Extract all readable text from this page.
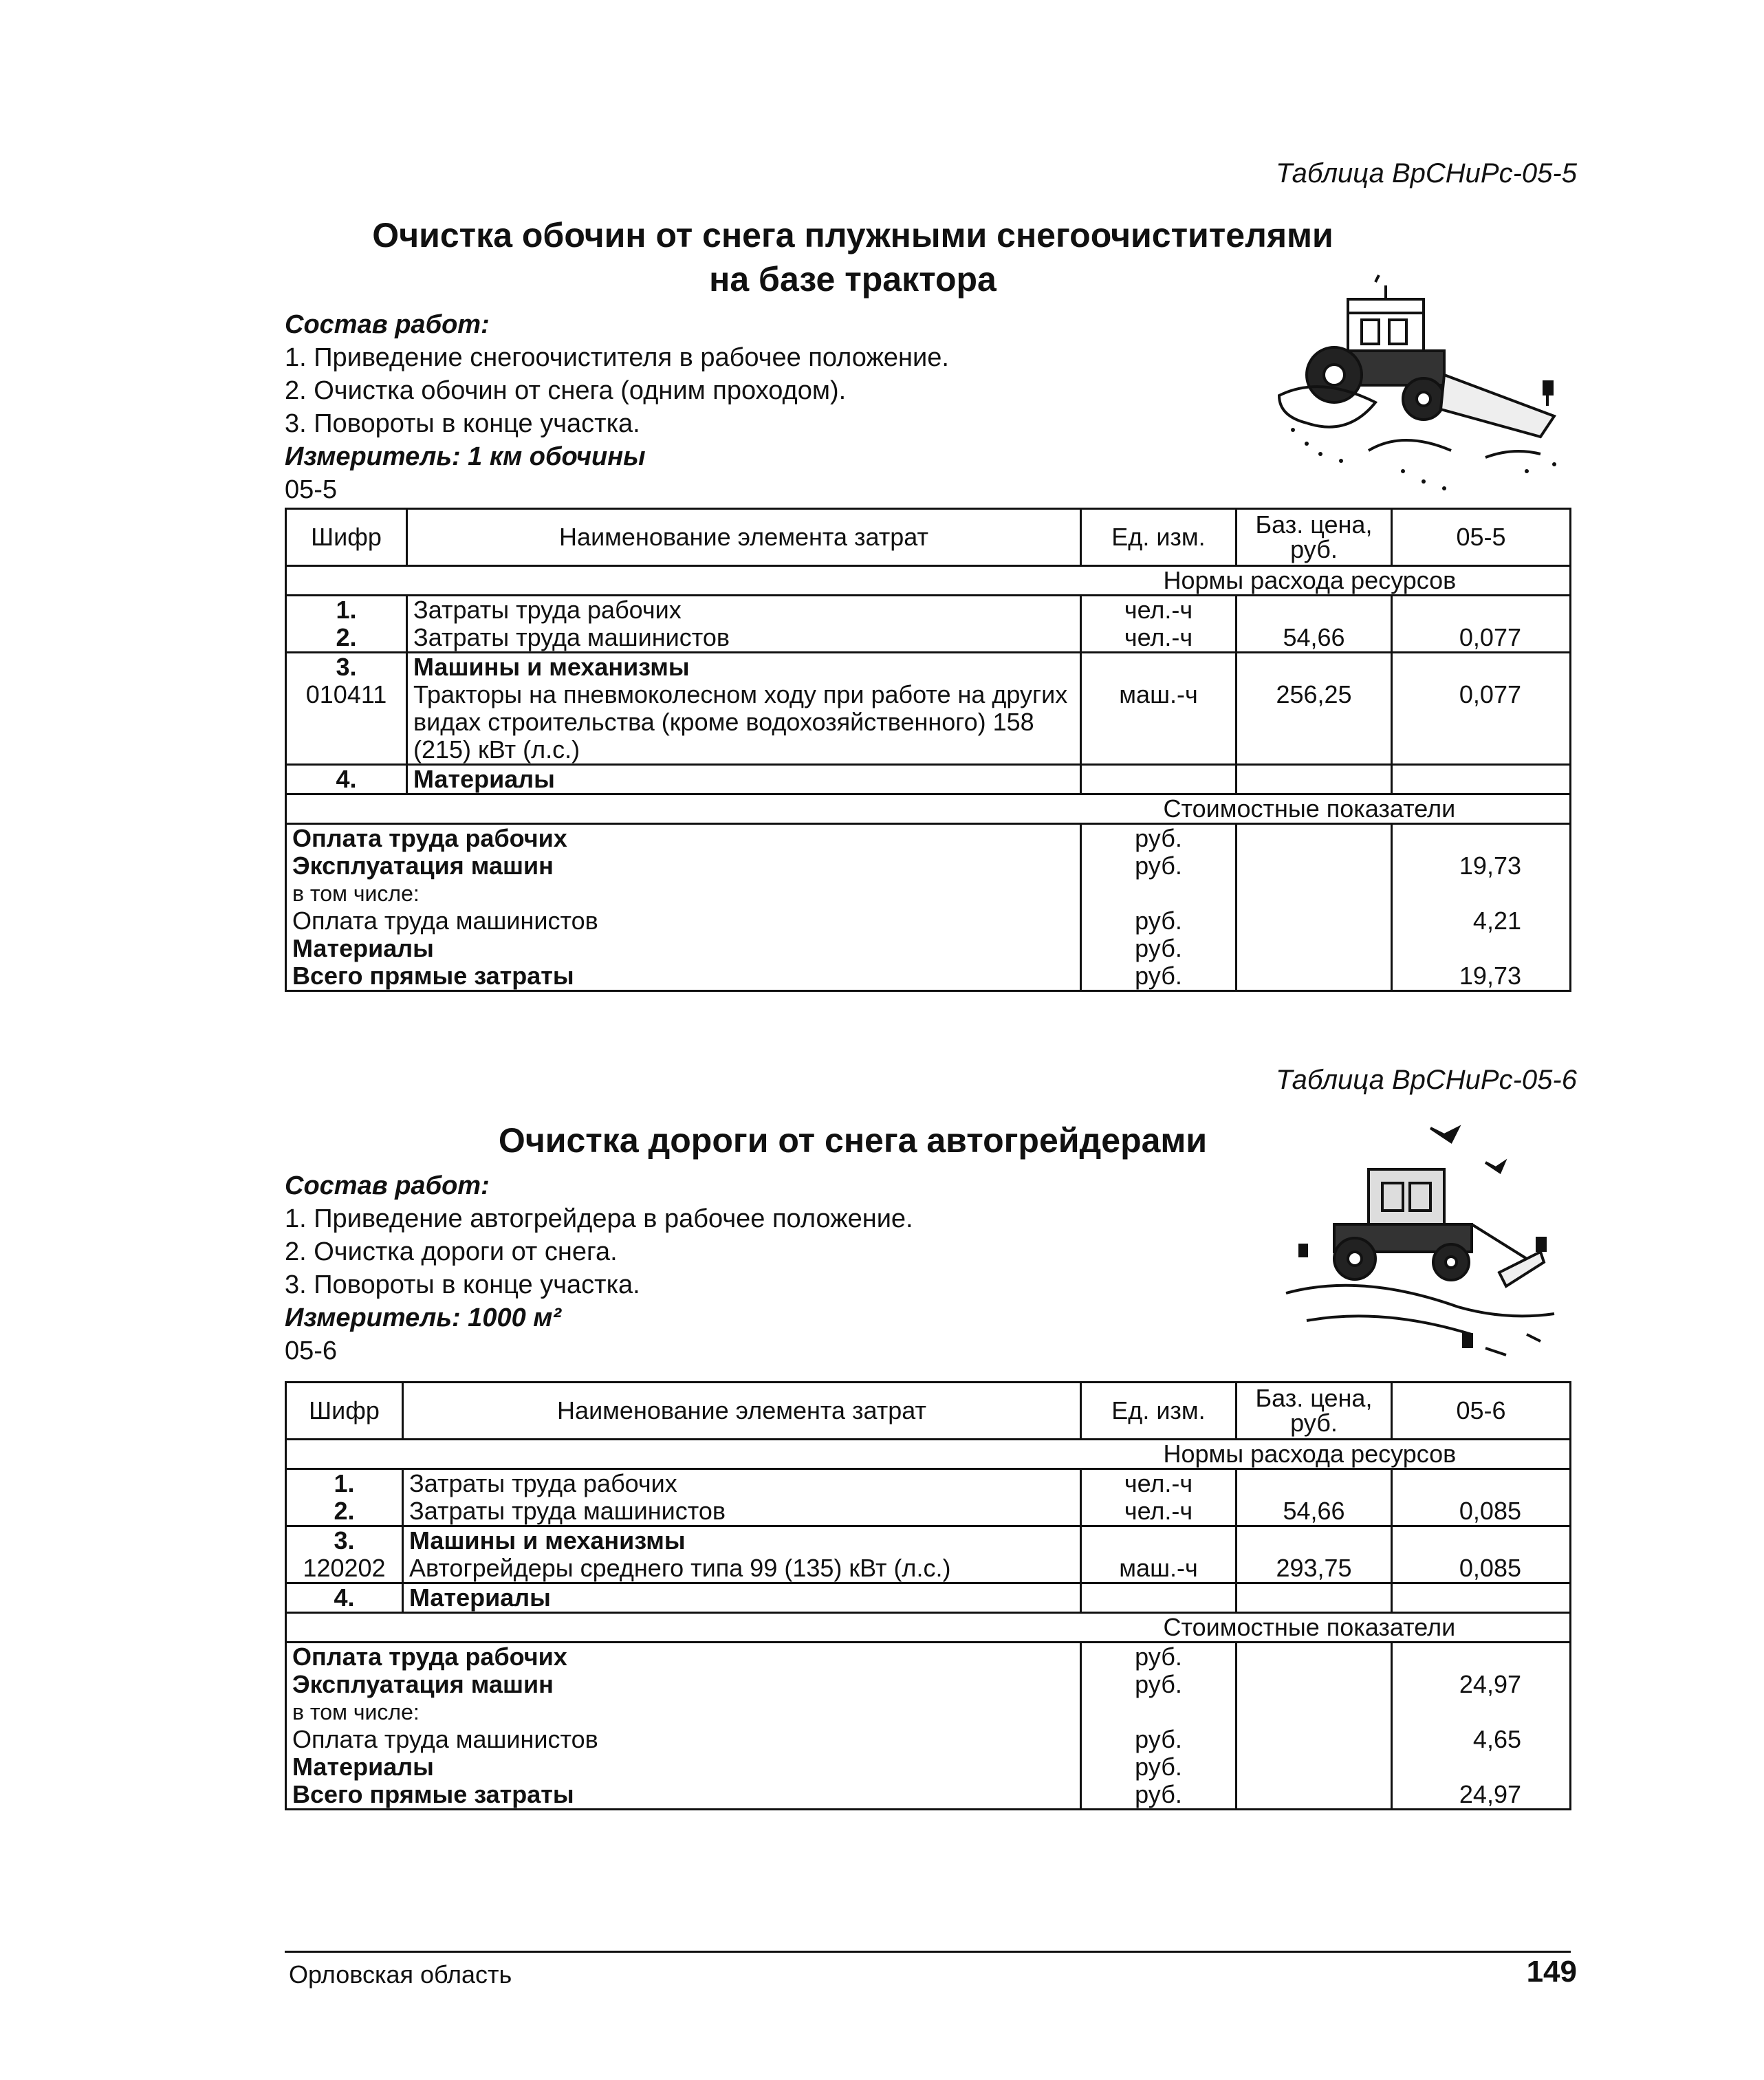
Таблица ВрСНиРс-05-5
Очистка обочин от снега плужными снегоочистителями
на базе трактора
Состав работ:
1. Приведение снегоочистителя в рабочее положение.
2. Очистка обочин от снега (одним проходом).
3. Повороты в конце участка.
Измеритель: 1 км обочины
05-5
Шифр	Наименование элемента затрат	Ед. изм.	Баз. цена, руб.	05-5
		Нормы расхода ресурсов		
1.	Затраты труда рабочих	чел.-ч		
2.	Затраты труда машинистов	чел.-ч	54,66	0,077
3.	Машины и механизмы			
010411	Тракторы на пневмоколесном ходу при работе на других видах строительства (кроме водохозяйственного) 158 (215) кВт (л.с.)	маш.-ч	256,25	0,077
4.	Материалы			
		Стоимостные показатели		
Оплата труда рабочих		руб.		
Эксплуатация машин		руб.		19,73
в том числе:				
Оплата труда машинистов		руб.		4,21
Материалы		руб.		
Всего прямые затраты		руб.		19,73
Таблица ВрСНиРс-05-6
Очистка дороги от снега автогрейдерами
Состав работ:
1. Приведение автогрейдера в рабочее положение.
2. Очистка дороги от снега.
3. Повороты в конце участка.
Измеритель: 1000 м²
05-6
Шифр	Наименование элемента затрат	Ед. изм.	Баз. цена, руб.	05-6
		Нормы расхода ресурсов		
1.	Затраты труда рабочих	чел.-ч		
2.	Затраты труда машинистов	чел.-ч	54,66	0,085
3.	Машины и механизмы			
120202	Автогрейдеры среднего типа 99 (135) кВт (л.с.)	маш.-ч	293,75	0,085
4.	Материалы			
		Стоимостные показатели		
Оплата труда рабочих		руб.		
Эксплуатация машин		руб.		24,97
в том числе:				
Оплата труда машинистов		руб.		4,65
Материалы		руб.		
Всего прямые затраты		руб.		24,97
Орловская область	149
